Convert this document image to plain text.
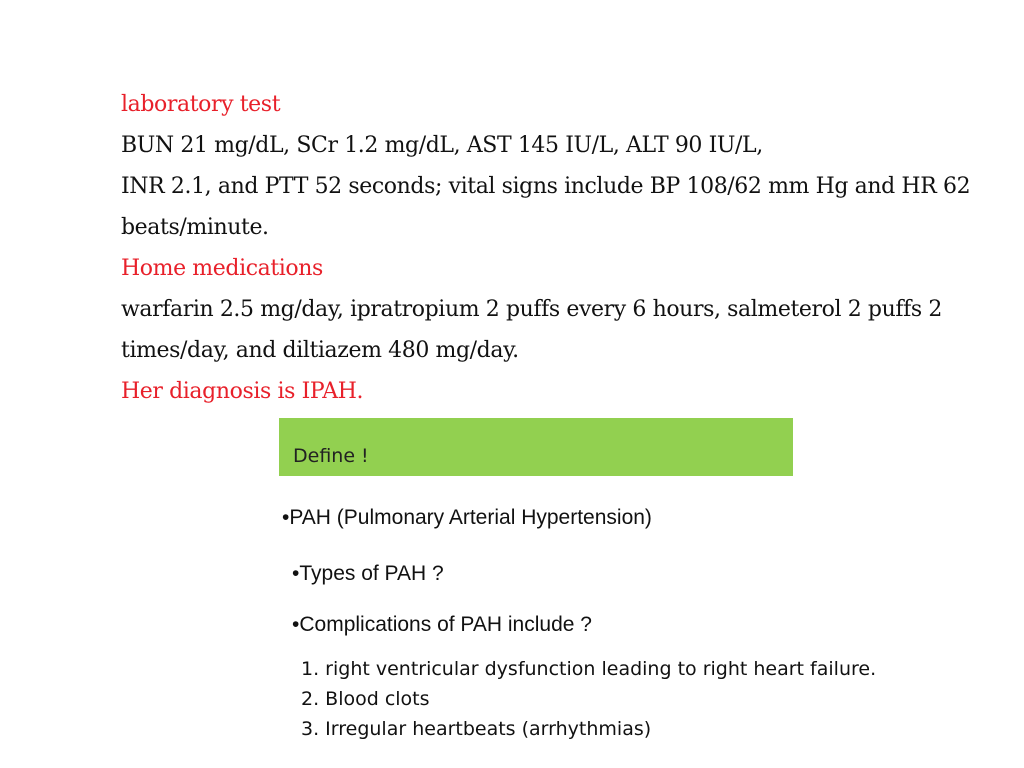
laboratory test
BUN 21 mg/dL, SCr 1.2 mg/dL, AST 145 IU/L, ALT 90 IU/L,
INR 2.1, and PTT 52 seconds; vital signs include BP 108/62 mm Hg and HR 62
beats/minute.
Home medications
warfarin 2.5 mg/day, ipratropium 2 puffs every 6 hours, salmeterol 2 puffs 2
times/day, and diltiazem 480 mg/day.
Her diagnosis is IPAH.
Define !
•PAH (Pulmonary Arterial Hypertension)
•Types of PAH ?
•Complications of PAH include ?
1. right ventricular dysfunction leading to right heart failure.
2. Blood clots
3. Irregular heartbeats (arrhythmias)
